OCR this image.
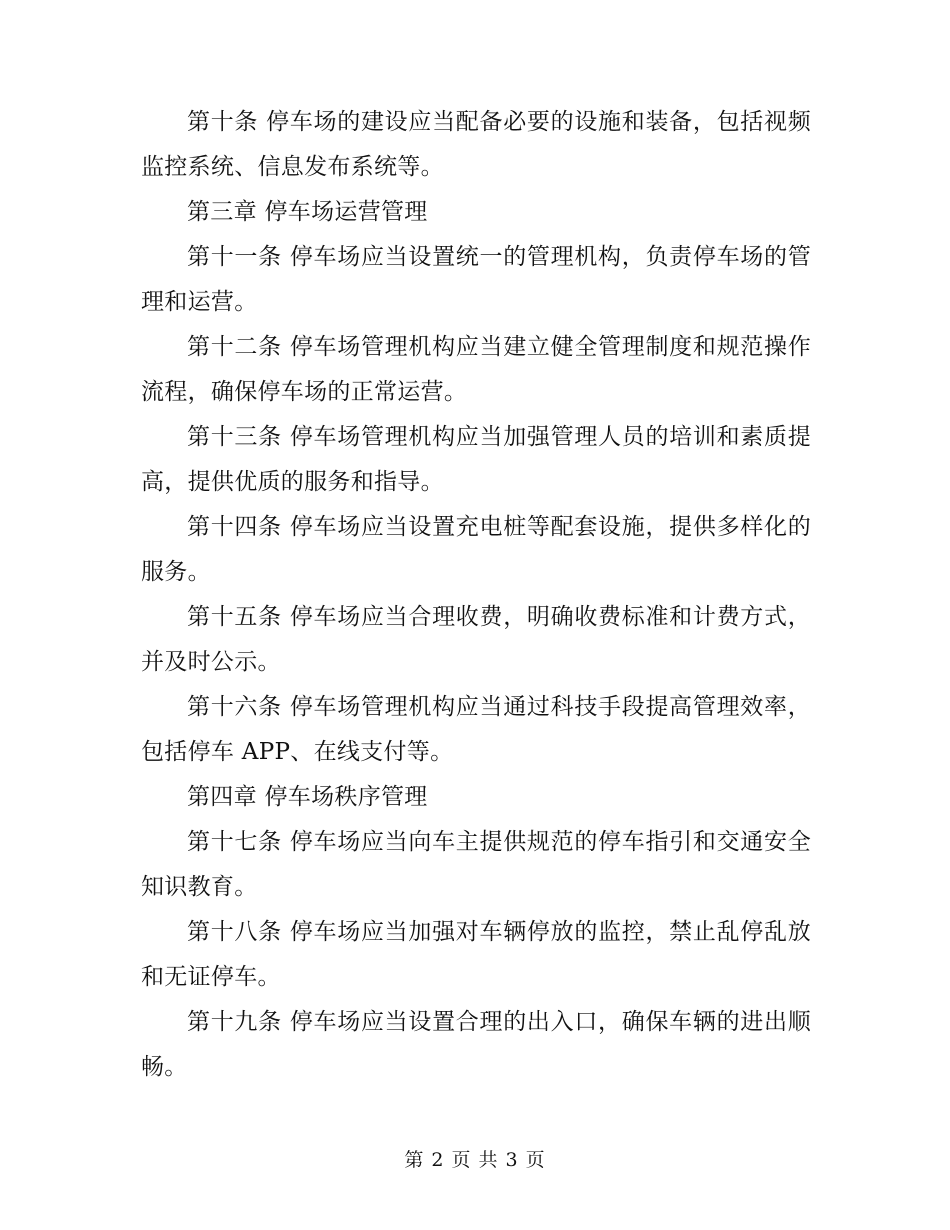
第十条 停车场的建设应当配备必要的设施和装备，包括视频监控系统、信息发布系统等。

第三章 停车场运营管理

第十一条 停车场应当设置统一的管理机构，负责停车场的管理和运营。

第十二条 停车场管理机构应当建立健全管理制度和规范操作流程，确保停车场的正常运营。

第十三条 停车场管理机构应当加强管理人员的培训和素质提高，提供优质的服务和指导。

第十四条 停车场应当设置充电桩等配套设施，提供多样化的服务。

第十五条 停车场应当合理收费，明确收费标准和计费方式，并及时公示。

第十六条 停车场管理机构应当通过科技手段提高管理效率，包括停车 APP、在线支付等。

第四章 停车场秩序管理

第十七条 停车场应当向车主提供规范的停车指引和交通安全知识教育。

第十八条 停车场应当加强对车辆停放的监控，禁止乱停乱放和无证停车。

第十九条 停车场应当设置合理的出入口，确保车辆的进出顺畅。

第 2 页 共 3 页
